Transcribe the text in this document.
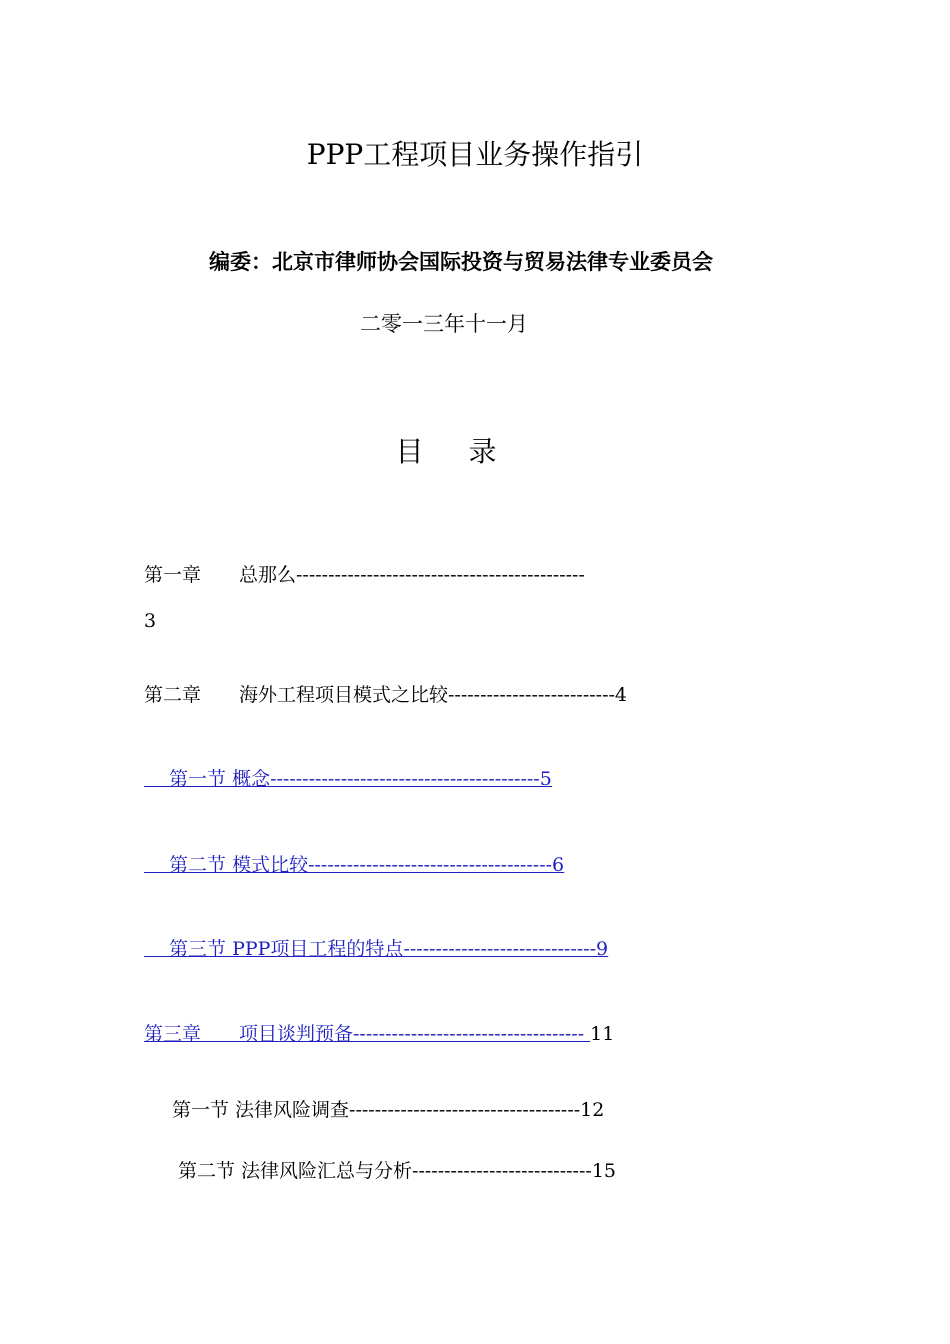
PPP工程项目业务操作指引
编委：北京市律师协会国际投资与贸易法律专业委员会
二零一三年十一月
目 录
第一章　　总那么---------------------------------------------
3
第二章　　海外工程项目模式之比较--------------------------4
　 第一节 概念------------------------------------------5
　 第二节 模式比较--------------------------------------6
　 第三节 PPP项目工程的特点------------------------------9
第三章　　项目谈判预备------------------------------------ 11
第一节 法律风险调查------------------------------------12
第二节 法律风险汇总与分析----------------------------15
